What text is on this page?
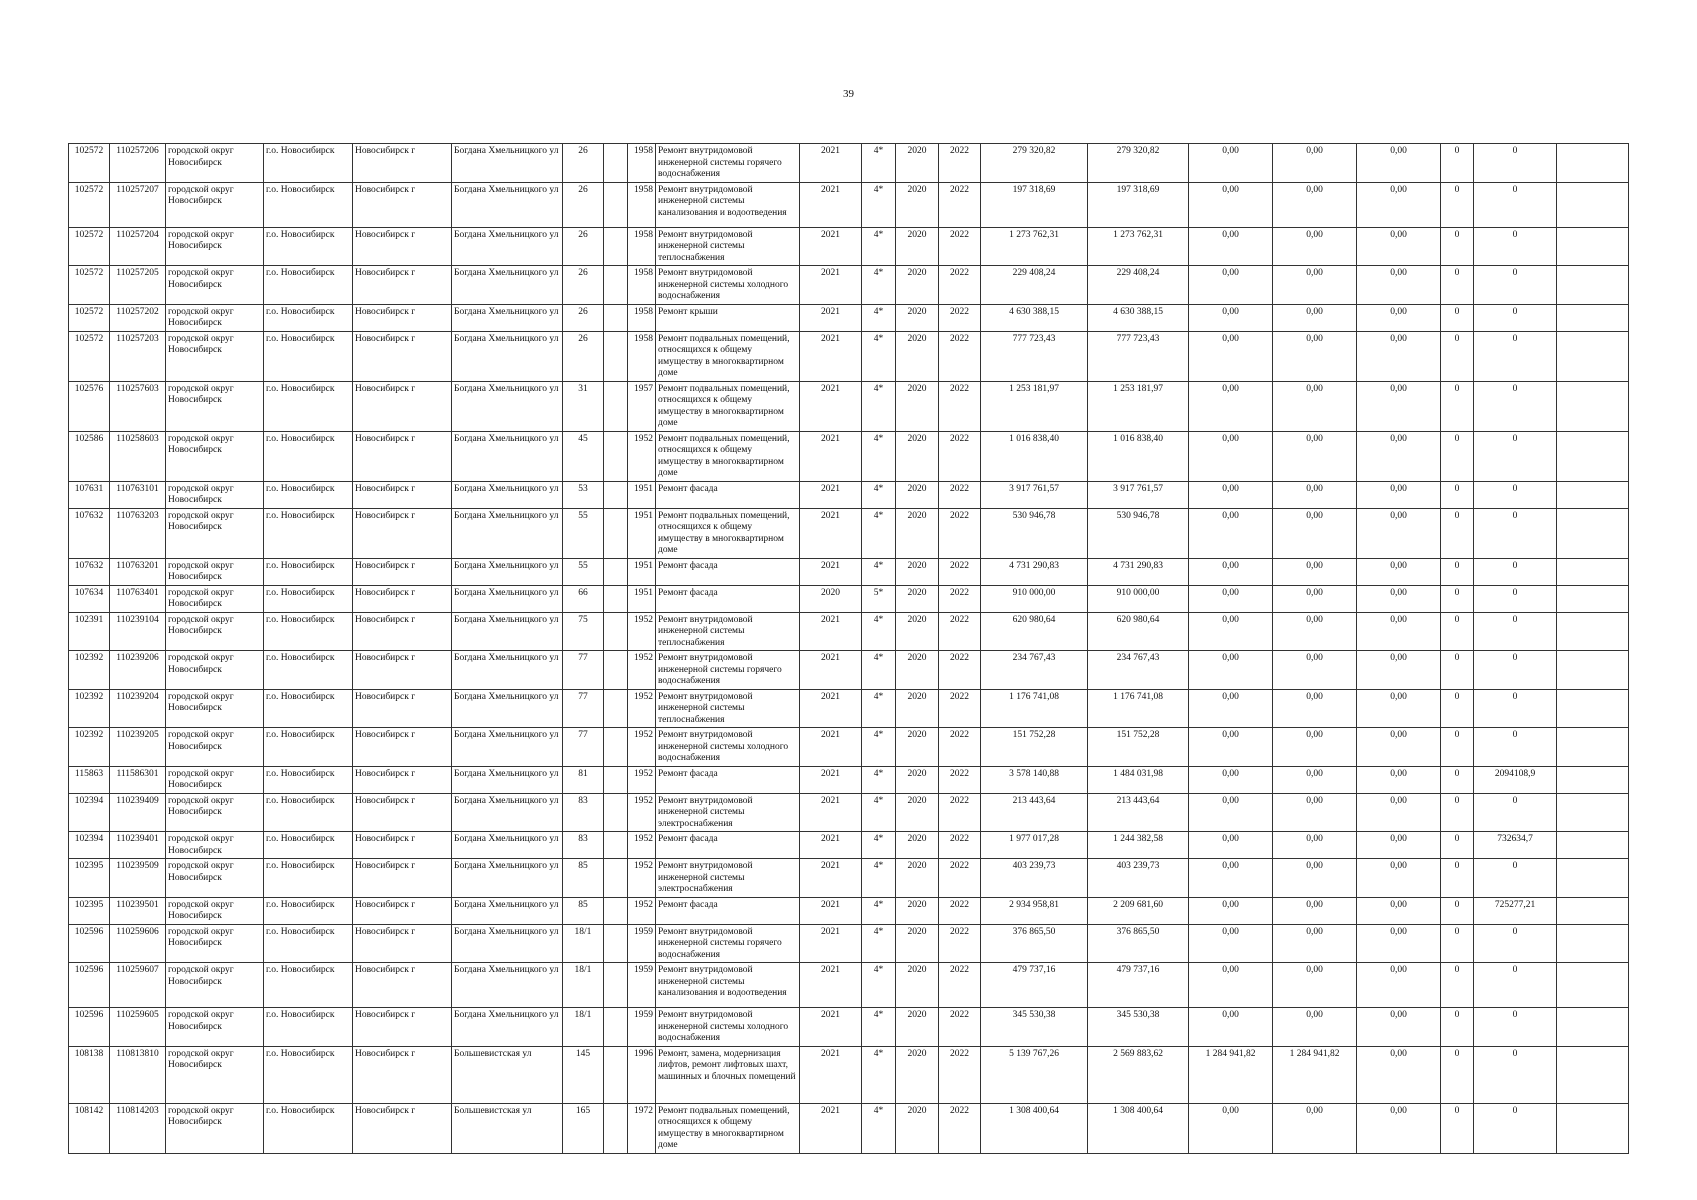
39
102572	110257206	городской округ Новосибирск	г.о. Новосибирск	Новосибирск г	Богдана Хмельницкого ул	26		1958	Ремонт внутридомовой инженерной системы горячего водоснабжения	2021	4*	2020	2022	279 320,82	279 320,82	0,00	0,00	0,00	0	0	
102572	110257207	городской округ Новосибирск	г.о. Новосибирск	Новосибирск г	Богдана Хмельницкого ул	26		1958	Ремонт внутридомовой инженерной системы канализования и водоотведения	2021	4*	2020	2022	197 318,69	197 318,69	0,00	0,00	0,00	0	0	
102572	110257204	городской округ Новосибирск	г.о. Новосибирск	Новосибирск г	Богдана Хмельницкого ул	26		1958	Ремонт внутридомовой инженерной системы теплоснабжения	2021	4*	2020	2022	1 273 762,31	1 273 762,31	0,00	0,00	0,00	0	0	
102572	110257205	городской округ Новосибирск	г.о. Новосибирск	Новосибирск г	Богдана Хмельницкого ул	26		1958	Ремонт внутридомовой инженерной системы холодного водоснабжения	2021	4*	2020	2022	229 408,24	229 408,24	0,00	0,00	0,00	0	0	
102572	110257202	городской округ Новосибирск	г.о. Новосибирск	Новосибирск г	Богдана Хмельницкого ул	26		1958	Ремонт крыши	2021	4*	2020	2022	4 630 388,15	4 630 388,15	0,00	0,00	0,00	0	0	
102572	110257203	городской округ Новосибирск	г.о. Новосибирск	Новосибирск г	Богдана Хмельницкого ул	26		1958	Ремонт подвальных помещений, относящихся к общему имуществу в многоквартирном доме	2021	4*	2020	2022	777 723,43	777 723,43	0,00	0,00	0,00	0	0	
102576	110257603	городской округ Новосибирск	г.о. Новосибирск	Новосибирск г	Богдана Хмельницкого ул	31		1957	Ремонт подвальных помещений, относящихся к общему имуществу в многоквартирном доме	2021	4*	2020	2022	1 253 181,97	1 253 181,97	0,00	0,00	0,00	0	0	
102586	110258603	городской округ Новосибирск	г.о. Новосибирск	Новосибирск г	Богдана Хмельницкого ул	45		1952	Ремонт подвальных помещений, относящихся к общему имуществу в многоквартирном доме	2021	4*	2020	2022	1 016 838,40	1 016 838,40	0,00	0,00	0,00	0	0	
107631	110763101	городской округ Новосибирск	г.о. Новосибирск	Новосибирск г	Богдана Хмельницкого ул	53		1951	Ремонт фасада	2021	4*	2020	2022	3 917 761,57	3 917 761,57	0,00	0,00	0,00	0	0	
107632	110763203	городской округ Новосибирск	г.о. Новосибирск	Новосибирск г	Богдана Хмельницкого ул	55		1951	Ремонт подвальных помещений, относящихся к общему имуществу в многоквартирном доме	2021	4*	2020	2022	530 946,78	530 946,78	0,00	0,00	0,00	0	0	
107632	110763201	городской округ Новосибирск	г.о. Новосибирск	Новосибирск г	Богдана Хмельницкого ул	55		1951	Ремонт фасада	2021	4*	2020	2022	4 731 290,83	4 731 290,83	0,00	0,00	0,00	0	0	
107634	110763401	городской округ Новосибирск	г.о. Новосибирск	Новосибирск г	Богдана Хмельницкого ул	66		1951	Ремонт фасада	2020	5*	2020	2022	910 000,00	910 000,00	0,00	0,00	0,00	0	0	
102391	110239104	городской округ Новосибирск	г.о. Новосибирск	Новосибирск г	Богдана Хмельницкого ул	75		1952	Ремонт внутридомовой инженерной системы теплоснабжения	2021	4*	2020	2022	620 980,64	620 980,64	0,00	0,00	0,00	0	0	
102392	110239206	городской округ Новосибирск	г.о. Новосибирск	Новосибирск г	Богдана Хмельницкого ул	77		1952	Ремонт внутридомовой инженерной системы горячего водоснабжения	2021	4*	2020	2022	234 767,43	234 767,43	0,00	0,00	0,00	0	0	
102392	110239204	городской округ Новосибирск	г.о. Новосибирск	Новосибирск г	Богдана Хмельницкого ул	77		1952	Ремонт внутридомовой инженерной системы теплоснабжения	2021	4*	2020	2022	1 176 741,08	1 176 741,08	0,00	0,00	0,00	0	0	
102392	110239205	городской округ Новосибирск	г.о. Новосибирск	Новосибирск г	Богдана Хмельницкого ул	77		1952	Ремонт внутридомовой инженерной системы холодного водоснабжения	2021	4*	2020	2022	151 752,28	151 752,28	0,00	0,00	0,00	0	0	
115863	111586301	городской округ Новосибирск	г.о. Новосибирск	Новосибирск г	Богдана Хмельницкого ул	81		1952	Ремонт фасада	2021	4*	2020	2022	3 578 140,88	1 484 031,98	0,00	0,00	0,00	0	2094108,9	
102394	110239409	городской округ Новосибирск	г.о. Новосибирск	Новосибирск г	Богдана Хмельницкого ул	83		1952	Ремонт внутридомовой инженерной системы электроснабжения	2021	4*	2020	2022	213 443,64	213 443,64	0,00	0,00	0,00	0	0	
102394	110239401	городской округ Новосибирск	г.о. Новосибирск	Новосибирск г	Богдана Хмельницкого ул	83		1952	Ремонт фасада	2021	4*	2020	2022	1 977 017,28	1 244 382,58	0,00	0,00	0,00	0	732634,7	
102395	110239509	городской округ Новосибирск	г.о. Новосибирск	Новосибирск г	Богдана Хмельницкого ул	85		1952	Ремонт внутридомовой инженерной системы электроснабжения	2021	4*	2020	2022	403 239,73	403 239,73	0,00	0,00	0,00	0	0	
102395	110239501	городской округ Новосибирск	г.о. Новосибирск	Новосибирск г	Богдана Хмельницкого ул	85		1952	Ремонт фасада	2021	4*	2020	2022	2 934 958,81	2 209 681,60	0,00	0,00	0,00	0	725277,21	
102596	110259606	городской округ Новосибирск	г.о. Новосибирск	Новосибирск г	Богдана Хмельницкого ул	18/1		1959	Ремонт внутридомовой инженерной системы горячего водоснабжения	2021	4*	2020	2022	376 865,50	376 865,50	0,00	0,00	0,00	0	0	
102596	110259607	городской округ Новосибирск	г.о. Новосибирск	Новосибирск г	Богдана Хмельницкого ул	18/1		1959	Ремонт внутридомовой инженерной системы канализования и водоотведения	2021	4*	2020	2022	479 737,16	479 737,16	0,00	0,00	0,00	0	0	
102596	110259605	городской округ Новосибирск	г.о. Новосибирск	Новосибирск г	Богдана Хмельницкого ул	18/1		1959	Ремонт внутридомовой инженерной системы холодного водоснабжения	2021	4*	2020	2022	345 530,38	345 530,38	0,00	0,00	0,00	0	0	
108138	110813810	городской округ Новосибирск	г.о. Новосибирск	Новосибирск г	Большевистская ул	145		1996	Ремонт, замена, модернизация лифтов, ремонт лифтовых шахт, машинных и блочных помещений	2021	4*	2020	2022	5 139 767,26	2 569 883,62	1 284 941,82	1 284 941,82	0,00	0	0	
108142	110814203	городской округ Новосибирск	г.о. Новосибирск	Новосибирск г	Большевистская ул	165		1972	Ремонт подвальных помещений, относящихся к общему имуществу в многоквартирном доме	2021	4*	2020	2022	1 308 400,64	1 308 400,64	0,00	0,00	0,00	0	0	
